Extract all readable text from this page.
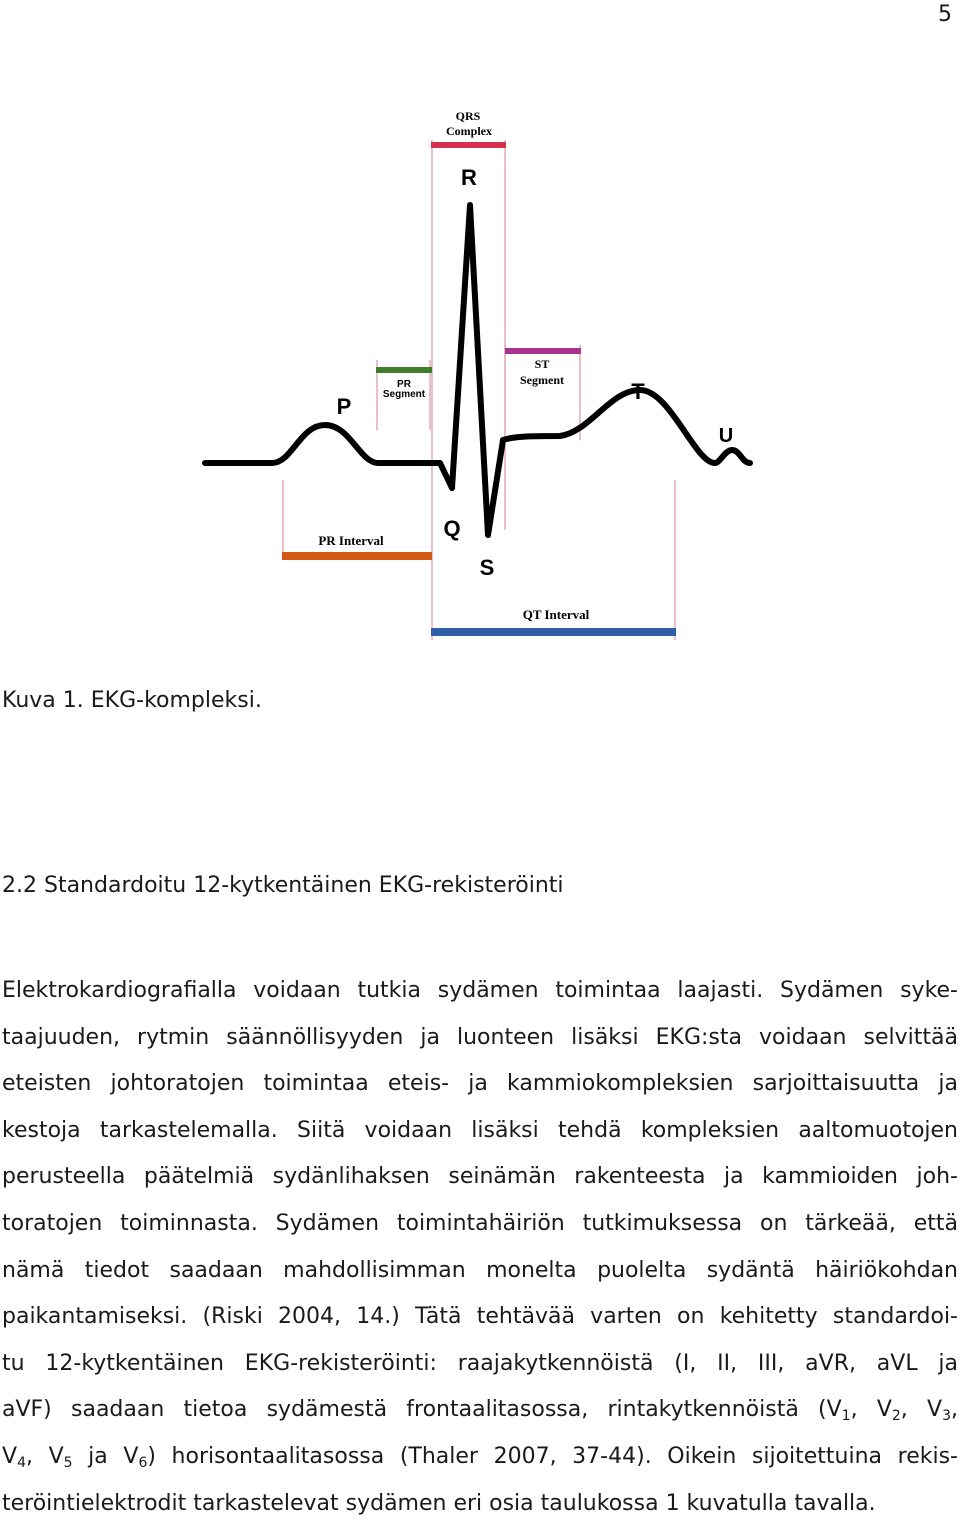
5
P
R
Q
S
T
U
QRS
Complex
PR
Segment
ST
Segment
PR Interval
QT Interval
Kuva 1. EKG-kompleksi.
2.2 Standardoitu 12-kytkentäinen EKG-rekisteröinti
Elektrokardiografialla voidaan tutkia sydämen toimintaa laajasti. Sydämen syke-
taajuuden, rytmin säännöllisyyden ja luonteen lisäksi EKG:sta voidaan selvittää
eteisten johtoratojen toimintaa eteis- ja kammiokompleksien sarjoittaisuutta ja
kestoja tarkastelemalla. Siitä voidaan lisäksi tehdä kompleksien aaltomuotojen
perusteella päätelmiä sydänlihaksen seinämän rakenteesta ja kammioiden joh-
toratojen toiminnasta. Sydämen toimintahäiriön tutkimuksessa on tärkeää, että
nämä tiedot saadaan mahdollisimman monelta puolelta sydäntä häiriökohdan
paikantamiseksi. (Riski 2004, 14.) Tätä tehtävää varten on kehitetty standardoi-
tu 12-kytkentäinen EKG-rekisteröinti: raajakytkennöistä (I, II, III, aVR, aVL ja
aVF) saadaan tietoa sydämestä frontaalitasossa, rintakytkennöistä ($V_1$, $V_2$, $V_3$,
$V_4$, $V_5$ ja $V_6$) horisontaalitasossa (Thaler 2007, 37-44). Oikein sijoitettuina rekis-
teröintielektrodit tarkastelevat sydämen eri osia taulukossa 1 kuvatulla tavalla.
